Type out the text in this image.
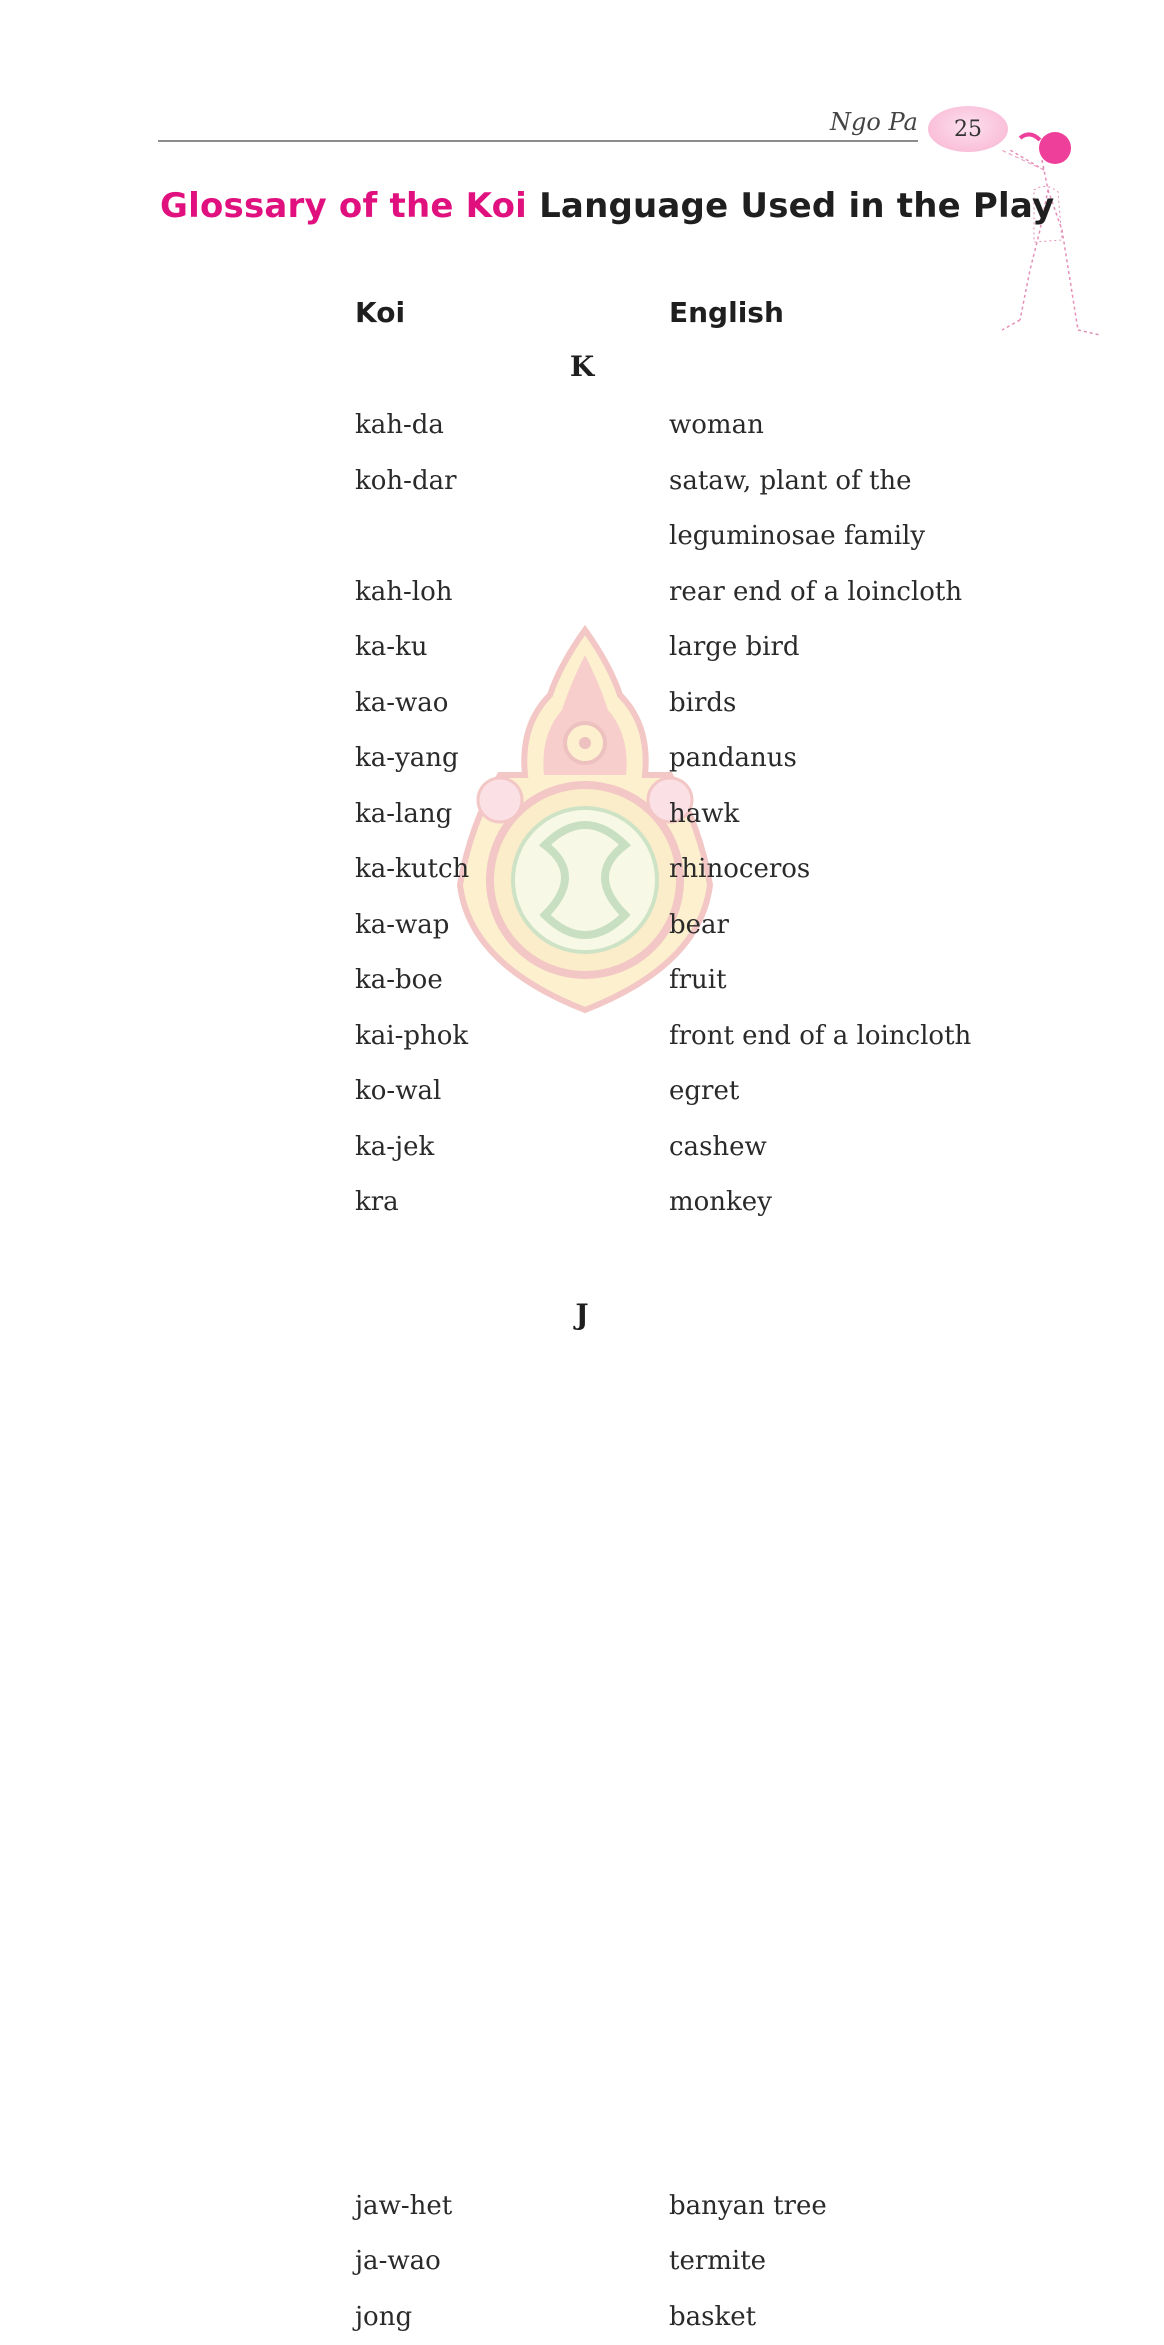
Ngo Pa 25
Glossary of the Koi Language Used in the Play
Koi	English
K
kah-da	woman
koh-dar	sataw, plant of the leguminosae family
kah-loh	rear end of a loincloth
ka-ku	large bird
ka-wao	birds
ka-yang	pandanus
ka-lang	hawk
ka-kutch	rhinoceros
ka-wap	bear
ka-boe	fruit
kai-phok	front end of a loincloth
ko-wal	egret
ka-jek	cashew
kra	monkey
J
jaw-het	banyan tree
ja-wao	termite
jong	basket
